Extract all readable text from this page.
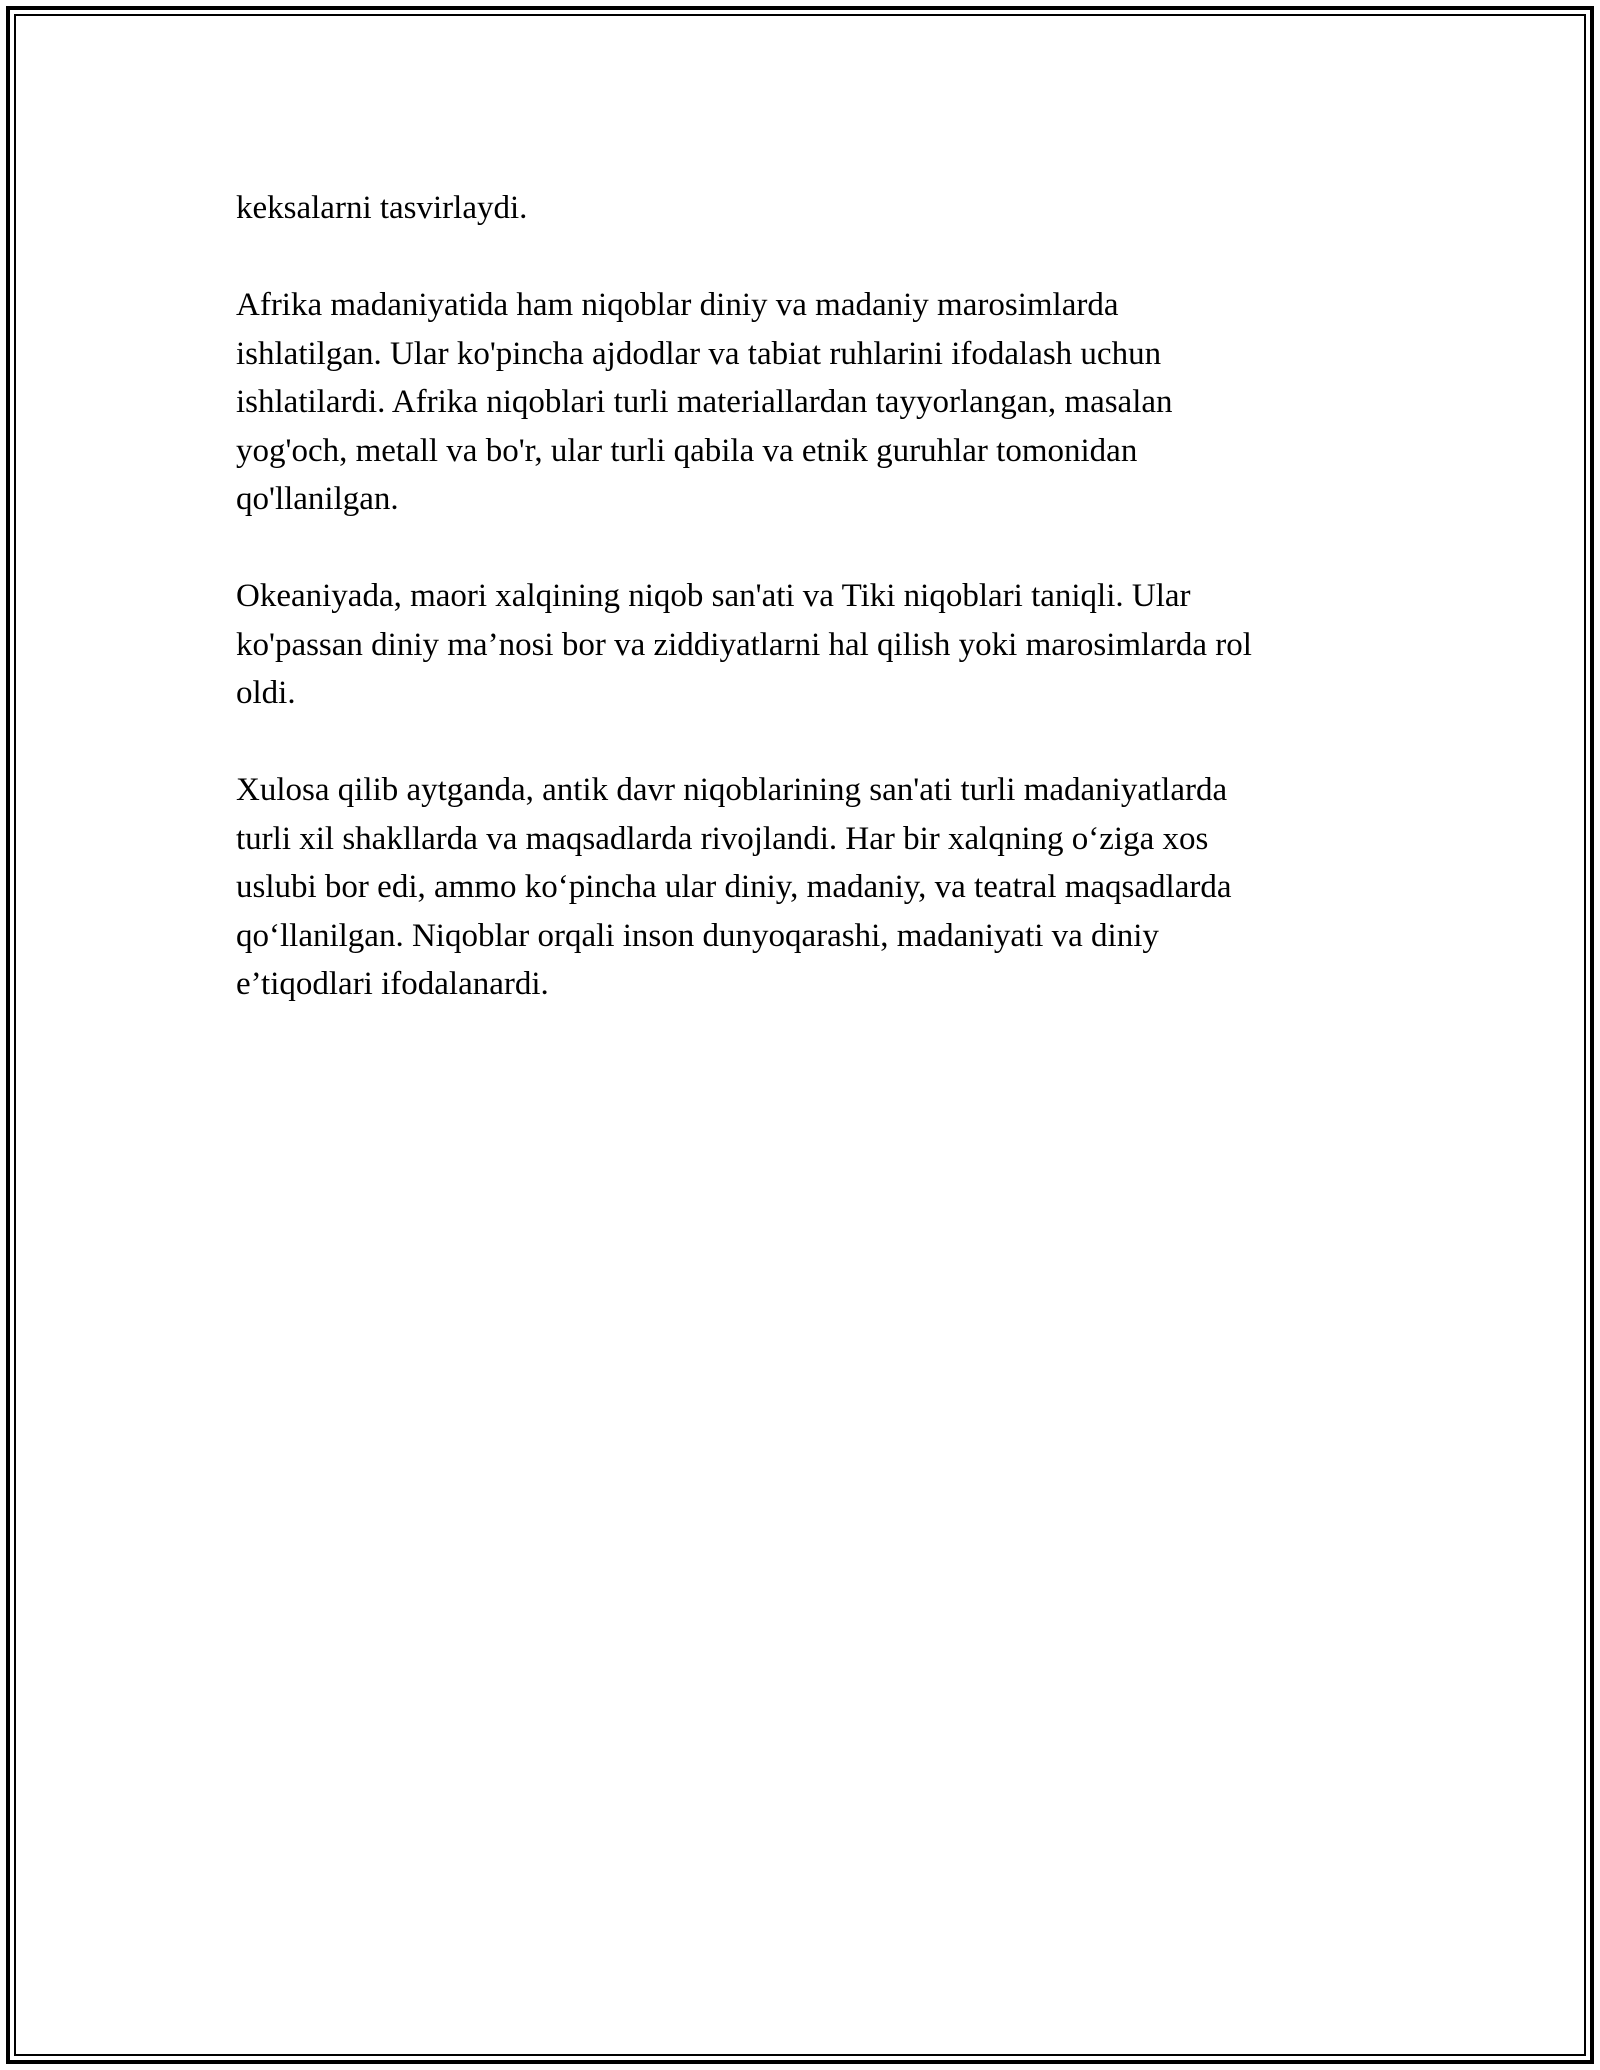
keksalarni tasvirlaydi.

Afrika madaniyatida ham niqoblar diniy va madaniy marosimlarda
ishlatilgan. Ular ko'pincha ajdodlar va tabiat ruhlarini ifodalash uchun
ishlatilardi. Afrika niqoblari turli materiallardan tayyorlangan, masalan
yog'och, metall va bo'r, ular turli qabila va etnik guruhlar tomonidan
qo'llanilgan.

Okeaniyada, maori xalqining niqob san'ati va Tiki niqoblari taniqli. Ular
ko'passan diniy ma’nosi bor va ziddiyatlarni hal qilish yoki marosimlarda rol
oldi.

Xulosa qilib aytganda, antik davr niqoblarining san'ati turli madaniyatlarda
turli xil shakllarda va maqsadlarda rivojlandi. Har bir xalqning o‘ziga xos
uslubi bor edi, ammo ko‘pincha ular diniy, madaniy, va teatral maqsadlarda
qo‘llanilgan. Niqoblar orqali inson dunyoqarashi, madaniyati va diniy
e’tiqodlari ifodalanardi.
